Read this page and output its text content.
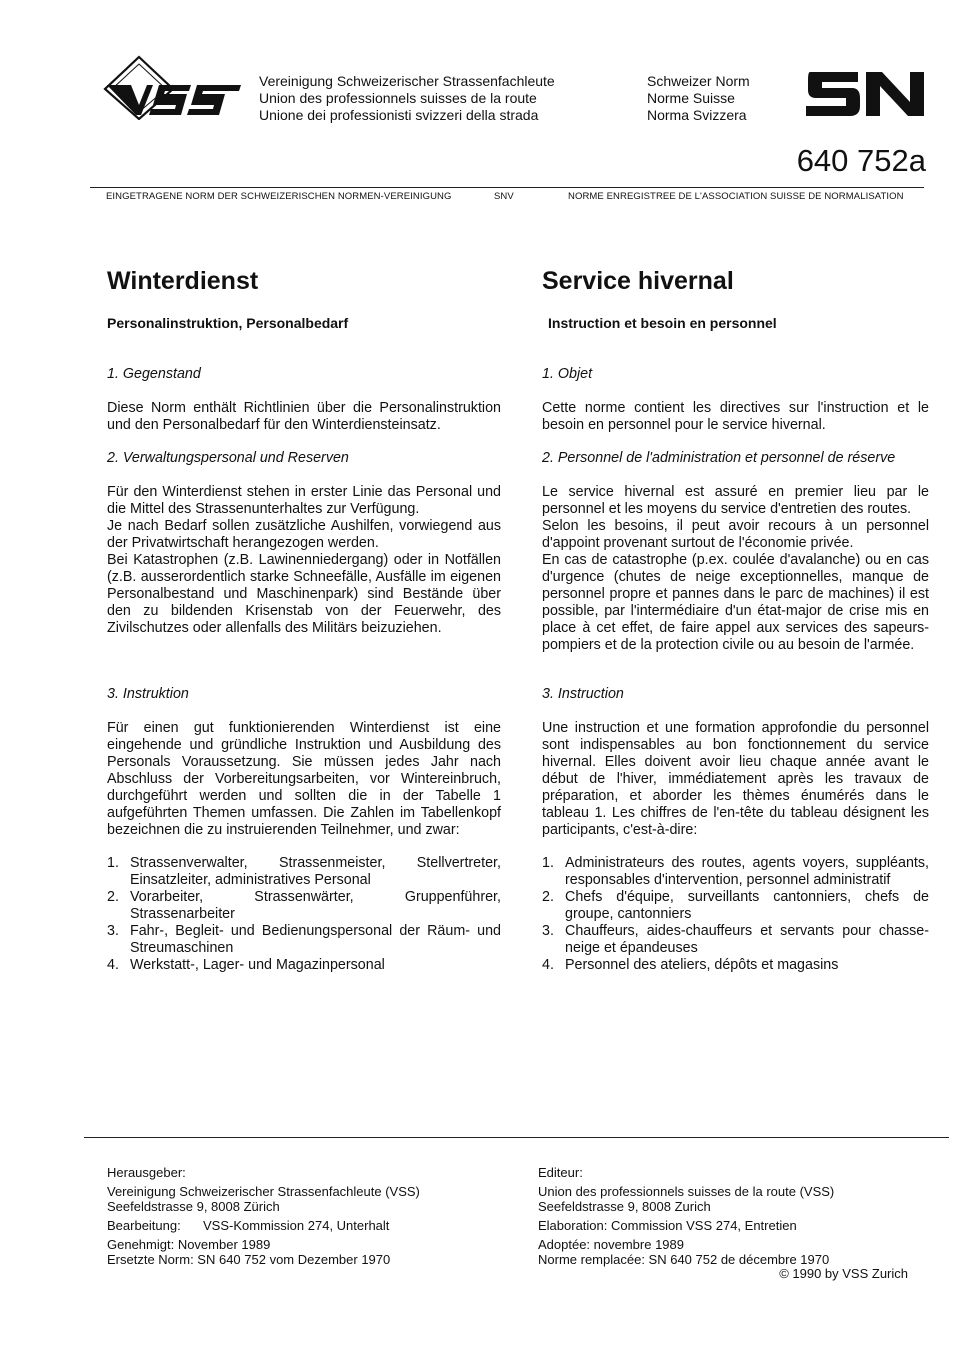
Vereinigung Schweizerischer Strassenfachleute
Union des professionnels suisses de la route
Unione dei professionisti svizzeri della strada
Schweizer Norm
Norme Suisse
Norma Svizzera
640 752a
EINGETRAGENE NORM DER SCHWEIZERISCHEN NORMEN-VEREINIGUNG	SNV	NORME ENREGISTREE DE L'ASSOCIATION SUISSE DE NORMALISATION
Winterdienst
Personalinstruktion, Personalbedarf
1. Gegenstand
Diese Norm enthält Richtlinien über die Personalinstruktion und den Personalbedarf für den Winterdiensteinsatz.
2. Verwaltungspersonal und Reserven

Für den Winterdienst stehen in erster Linie das Personal und die Mittel des Strassenunterhaltes zur Verfügung.

Je nach Bedarf sollen zusätzliche Aushilfen, vorwiegend aus der Privatwirtschaft herangezogen werden.

Bei Katastrophen (z.B. Lawinenniedergang) oder in Notfällen (z.B. ausserordentlich starke Schneefälle, Ausfälle im eigenen Personalbestand und Maschinenpark) sind Bestände über den zu bildenden Krisenstab von der Feuerwehr, des Zivilschutzes oder allenfalls des Militärs beizuziehen.

3. Instruktion
Für einen gut funktionierenden Winterdienst ist eine eingehende und gründliche Instruktion und Ausbildung des Personals Voraussetzung. Sie müssen jedes Jahr nach Abschluss der Vorbereitungsarbeiten, vor Wintereinbruch, durchgeführt werden und sollten die in der Tabelle 1 aufgeführten Themen umfassen. Die Zahlen im Tabellenkopf bezeichnen die zu instruierenden Teilnehmer, und zwar:
1. Strassenverwalter, Strassenmeister, Stellvertreter, Einsatzleiter, administratives Personal
2. Vorarbeiter, Strassenwärter, Gruppenführer, Strassenarbeiter
3. Fahr-, Begleit- und Bedienungspersonal der Räum- und Streumaschinen
4. Werkstatt-, Lager- und Magazinpersonal
Service hivernal
Instruction et besoin en personnel
1. Objet
Cette norme contient les directives sur l'instruction et le besoin en personnel pour le service hivernal.
2. Personnel de l'administration et personnel de réserve

Le service hivernal est assuré en premier lieu par le personnel et les moyens du service d'entretien des routes.

Selon les besoins, il peut avoir recours à un personnel d'appoint provenant surtout de l'économie privée.

En cas de catastrophe (p.ex. coulée d'avalanche) ou en cas d'urgence (chutes de neige exceptionnelles, manque de personnel propre et pannes dans le parc de machines) il est possible, par l'intermédiaire d'un état-major de crise mis en place à cet effet, de faire appel aux services des sapeurs-pompiers et de la protection civile ou au besoin de l'armée.

3. Instruction
Une instruction et une formation approfondie du personnel sont indispensables au bon fonctionnement du service hivernal. Elles doivent avoir lieu chaque année avant le début de l'hiver, immédiatement après les travaux de préparation, et aborder les thèmes énumérés dans le tableau 1. Les chiffres de l'en-tête du tableau désignent les participants, c'est-à-dire:
1. Administrateurs des routes, agents voyers, suppléants, responsables d'intervention, personnel administratif
2. Chefs d'équipe, surveillants cantonniers, chefs de groupe, cantonniers
3. Chauffeurs, aides-chauffeurs et servants pour chasse-neige et épandeuses
4. Personnel des ateliers, dépôts et magasins
Herausgeber:
Vereinigung Schweizerischer Strassenfachleute (VSS)
Seefeldstrasse 9, 8008 Zürich
Bearbeitung: VSS-Kommission 274, Unterhalt
Genehmigt: November 1989
Ersetzte Norm: SN 640 752 vom Dezember 1970
Editeur:
Union des professionnels suisses de la route (VSS)
Seefeldstrasse 9, 8008 Zurich
Elaboration: Commission VSS 274, Entretien
Adoptée: novembre 1989
Norme remplacée: SN 640 752 de décembre 1970
© 1990 by VSS Zurich
